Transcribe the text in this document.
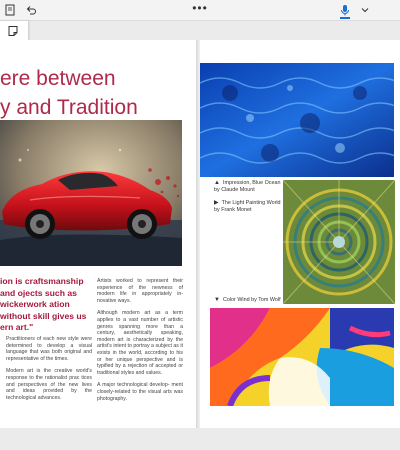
•••
ere between
y and Tradition
ion is craftsmanship and ojects such as wickerwork ation without skill gives us ern art."

Practitioners of each new style were determined to develop a visual language that was both original and representative of the times.

Modern art is the creative world's response to the rationalist prac tices and perspectives of the new lives and ideas provided by the technological advances.

Artists worked to represent their experience of the newness of modern life in appropriately in- novative ways.

Although modern art as a term applies to a vast number of artistic genres spanning more than a century, aesthetically speaking, modern art is characterized by the artist's intent to portray a subject as it exists in the world, according to his or her unique perspective and is typified by a rejection of accepted or traditional styles and values.

A major technological develop- ment closely-related to the visual arts was photography.

▲ Impression, Blue Ocean by Claude Mount
▶ The Light Painting World by Frank Monet
▼ Color Wind by Tom Wolf
